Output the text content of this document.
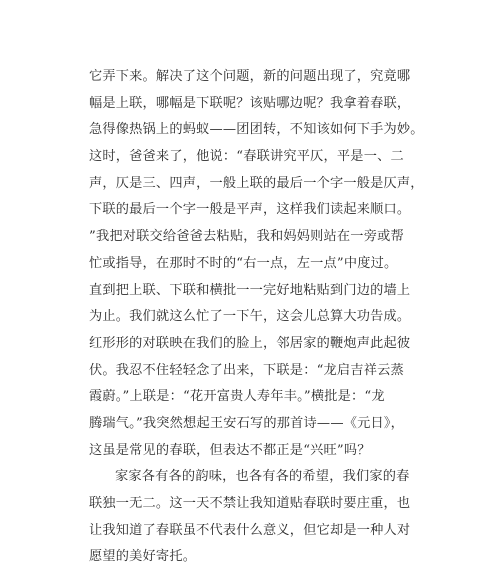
它弄下来。解决了这个问题，新的问题出现了，究竟哪
幅是上联，哪幅是下联呢？该贴哪边呢？我拿着春联，
急得像热锅上的蚂蚁——团团转，不知该如何下手为妙。
这时，爸爸来了，他说：“春联讲究平仄，平是一、二
声，仄是三、四声，一般上联的最后一个字一般是仄声，
下联的最后一个字一般是平声，这样我们读起来顺口。
”我把对联交给爸爸去粘贴，我和妈妈则站在一旁或帮
忙或指导，在那时不时的“右一点，左一点”中度过。
直到把上联、下联和横批一一完好地粘贴到门边的墙上
为止。我们就这么忙了一下午，这会儿总算大功告成。
红形形的对联映在我们的脸上，邻居家的鞭炮声此起彼
伏。我忍不住轻轻念了出来，下联是：“龙启吉祥云蒸
霞蔚。”上联是：“花开富贵人寿年丰。”横批是：“龙
腾瑞气。”我突然想起王安石写的那首诗——《元日》，
这虽是常见的春联，但表达不都正是“兴旺”吗？
家家各有各的韵味，也各有各的希望，我们家的春
联独一无二。这一天不禁让我知道贴春联时要庄重，也
让我知道了春联虽不代表什么意义，但它却是一种人对
愿望的美好寄托。
